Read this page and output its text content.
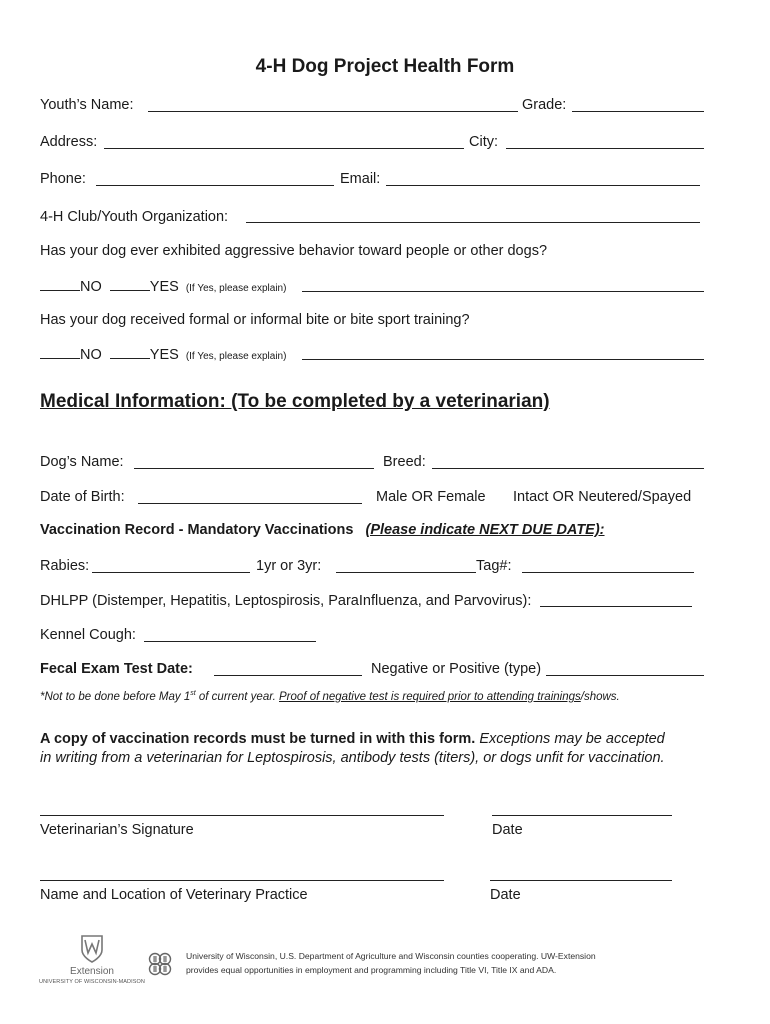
4-H Dog Project Health Form
Youth’s Name:	Grade:
Address:	City:
Phone:	Email:
4-H Club/Youth Organization:
Has your dog ever exhibited aggressive behavior toward people or other dogs?
NO	YES (If Yes, please explain)
Has your dog received formal or informal bite or bite sport training?
NO	YES (If Yes, please explain)
Medical Information: (To be completed by a veterinarian)
Dog’s Name:	Breed:
Date of Birth:	Male OR Female Intact OR Neutered/Spayed
Vaccination Record - Mandatory Vaccinations (Please indicate NEXT DUE DATE):
Rabies:	1yr or 3yr:	Tag#:
DHLPP (Distemper, Hepatitis, Leptospirosis, ParaInfluenza, and Parvovirus):
Kennel Cough:
Fecal Exam Test Date:	Negative or Positive (type)
*Not to be done before May 1st of current year. Proof of negative test is required prior to attending trainings/shows.
A copy of vaccination records must be turned in with this form. Exceptions may be accepted
in writing from a veterinarian for Leptospirosis, antibody tests (titers), or dogs unfit for vaccination.
Veterinarian’s Signature	Date
Name and Location of Veterinary Practice	Date
Extension
UNIVERSITY OF WISCONSIN-MADISON
University of Wisconsin, U.S. Department of Agriculture and Wisconsin counties cooperating. UW-Extension
provides equal opportunities in employment and programming including Title VI, Title IX and ADA.
